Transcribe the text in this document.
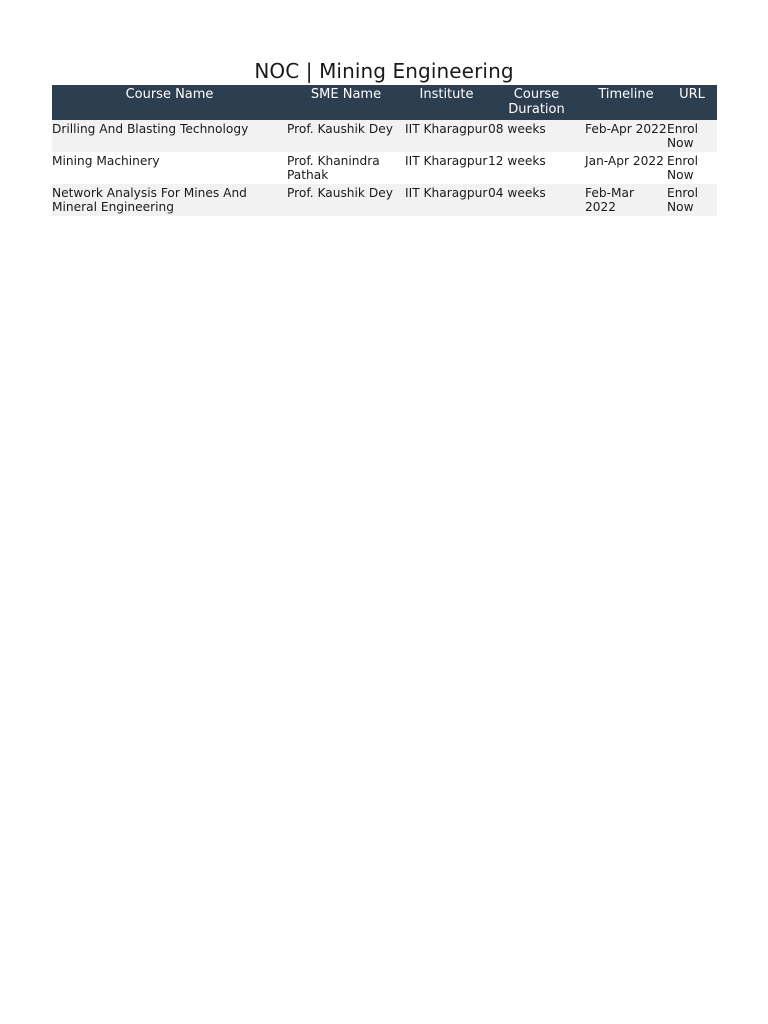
NOC | Mining Engineering
Course Name	SME Name	Institute	Course Duration	Timeline	URL
Drilling And Blasting Technology	Prof. Kaushik Dey	IIT Kharagpur	08 weeks	Feb-Apr 2022	Enrol Now
Mining Machinery	Prof. Khanindra Pathak	IIT Kharagpur	12 weeks	Jan-Apr 2022	Enrol Now
Network Analysis For Mines And Mineral Engineering	Prof. Kaushik Dey	IIT Kharagpur	04 weeks	Feb-Mar 2022	Enrol Now
